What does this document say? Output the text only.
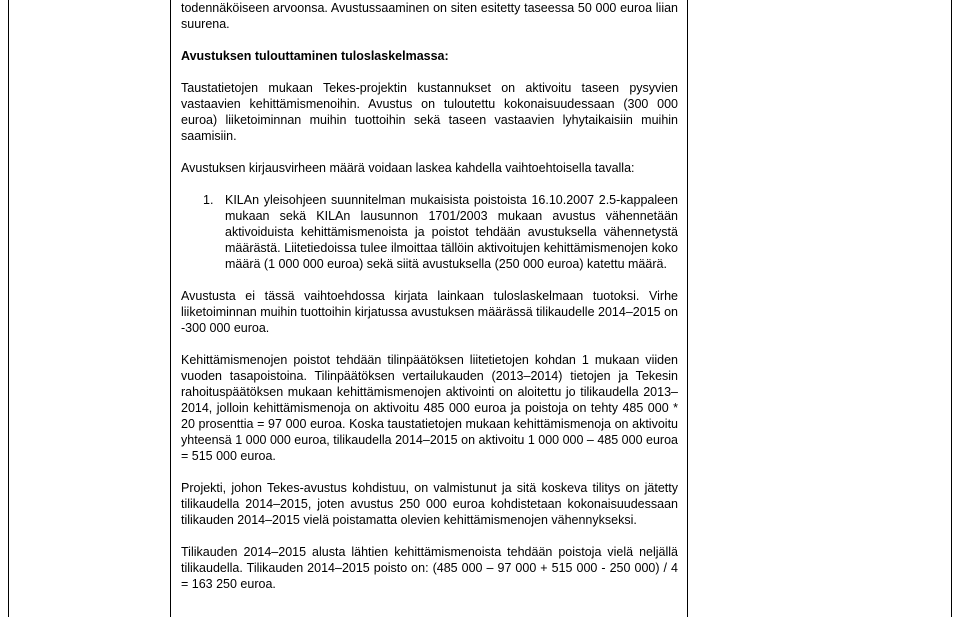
todennäköiseen arvoonsa. Avustussaaminen on siten esitetty taseessa 50 000 euroa liian suurena.

Avustuksen tulouttaminen tuloslaskelmassa:

Taustatietojen mukaan Tekes-projektin kustannukset on aktivoitu taseen pysyvien vastaavien kehittämismenoihin. Avustus on tuloutettu kokonaisuudessaan (300 000 euroa) liiketoiminnan muihin tuottoihin sekä taseen vastaavien lyhytaikaisiin muihin saamisiin.

Avustuksen kirjausvirheen määrä voidaan laskea kahdella vaihtoehtoisella tavalla:

1. KILAn yleisohjeen suunnitelman mukaisista poistoista 16.10.2007 2.5-kappaleen mukaan sekä KILAn lausunnon 1701/2003 mukaan avustus vähennetään aktivoiduista kehittämismenoista ja poistot tehdään avustuksella vähennetystä määrästä. Liitetiedoissa tulee ilmoittaa tällöin aktivoitujen kehittämismenojen koko määrä (1 000 000 euroa) sekä siitä avustuksella (250 000 euroa) katettu määrä.

Avustusta ei tässä vaihtoehdossa kirjata lainkaan tuloslaskelmaan tuotoksi. Virhe liiketoiminnan muihin tuottoihin kirjatussa avustuksen määrässä tilikaudelle 2014–2015 on -300 000 euroa.

Kehittämismenojen poistot tehdään tilinpäätöksen liitetietojen kohdan 1 mukaan viiden vuoden tasapoistoina. Tilinpäätöksen vertailukauden (2013–2014) tietojen ja Tekesin rahoituspäätöksen mukaan kehittämismenojen aktivointi on aloitettu jo tilikaudella 2013–2014, jolloin kehittämismenoja on aktivoitu 485 000 euroa ja poistoja on tehty 485 000 * 20 prosenttia = 97 000 euroa. Koska taustatietojen mukaan kehittämismenoja on aktivoitu yhteensä 1 000 000 euroa, tilikaudella 2014–2015 on aktivoitu 1 000 000 – 485 000 euroa = 515 000 euroa.

Projekti, johon Tekes-avustus kohdistuu, on valmistunut ja sitä koskeva tilitys on jätetty tilikaudella 2014–2015, joten avustus 250 000 euroa kohdistetaan kokonaisuudessaan tilikauden 2014–2015 vielä poistamatta olevien kehittämismenojen vähennykseksi.

Tilikauden 2014–2015 alusta lähtien kehittämismenoista tehdään poistoja vielä neljällä tilikaudella. Tilikauden 2014–2015 poisto on: (485 000 – 97 000 + 515 000 - 250 000) / 4 = 163 250 euroa.
